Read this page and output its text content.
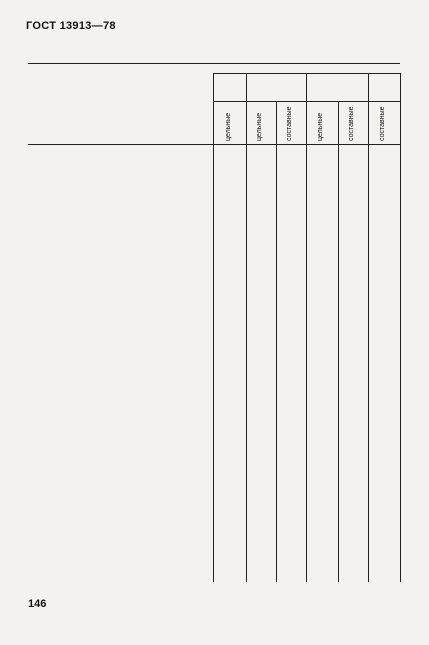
ГОСТ 13913—78
цельные	цельные	составные	цельные	составные	составные
146
